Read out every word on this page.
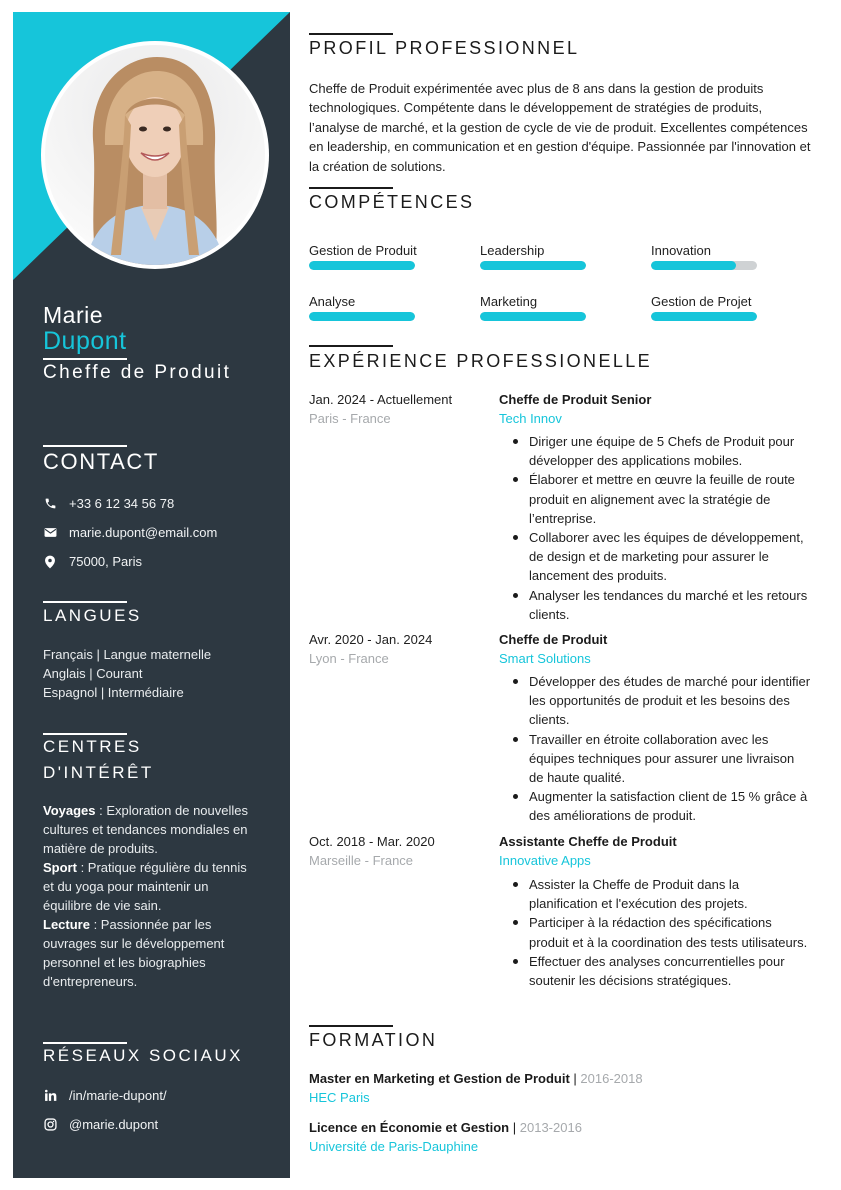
Marie
Dupont
Cheffe de Produit
CONTACT
+33 6 12 34 56 78
marie.dupont@email.com
75000, Paris
LANGUES
Français | Langue maternelle
Anglais | Courant
Espagnol | Intermédiaire
CENTRES
D'INTÉRÊT
Voyages : Exploration de nouvelles cultures et tendances mondiales en matière de produits.
Sport : Pratique régulière du tennis et du yoga pour maintenir un équilibre de vie sain.
Lecture : Passionnée par les ouvrages sur le développement personnel et les biographies d'entrepreneurs.
RÉSEAUX SOCIAUX
/in/marie-dupont/
@marie.dupont
PROFIL PROFESSIONNEL
Cheffe de Produit expérimentée avec plus de 8 ans dans la gestion de produits technologiques. Compétente dans le développement de stratégies de produits, l’analyse de marché, et la gestion de cycle de vie de produit. Excellentes compétences en leadership, en communication et en gestion d'équipe. Passionnée par l'innovation et la création de solutions.
COMPÉTENCES
Gestion de Produit	Leadership	Innovation
Analyse	Marketing	Gestion de Projet
EXPÉRIENCE PROFESSIONELLE
Jan. 2024 - Actuellement
Paris - France
Cheffe de Produit Senior
Tech Innov
Diriger une équipe de 5 Chefs de Produit pour développer des applications mobiles.
Élaborer et mettre en œuvre la feuille de route produit en alignement avec la stratégie de l’entreprise.
Collaborer avec les équipes de développement, de design et de marketing pour assurer le lancement des produits.
Analyser les tendances du marché et les retours clients.
Avr. 2020 - Jan. 2024
Lyon - France
Cheffe de Produit
Smart Solutions
Développer des études de marché pour identifier les opportunités de produit et les besoins des clients.
Travailler en étroite collaboration avec les équipes techniques pour assurer une livraison de haute qualité.
Augmenter la satisfaction client de 15 % grâce à des améliorations de produit.
Oct. 2018 - Mar. 2020
Marseille - France
Assistante Cheffe de Produit
Innovative Apps
Assister la Cheffe de Produit dans la planification et l'exécution des projets.
Participer à la rédaction des spécifications produit et à la coordination des tests utilisateurs.
Effectuer des analyses concurrentielles pour soutenir les décisions stratégiques.
FORMATION
Master en Marketing et Gestion de Produit | 2016-2018
HEC Paris
Licence en Économie et Gestion | 2013-2016
Université de Paris-Dauphine
